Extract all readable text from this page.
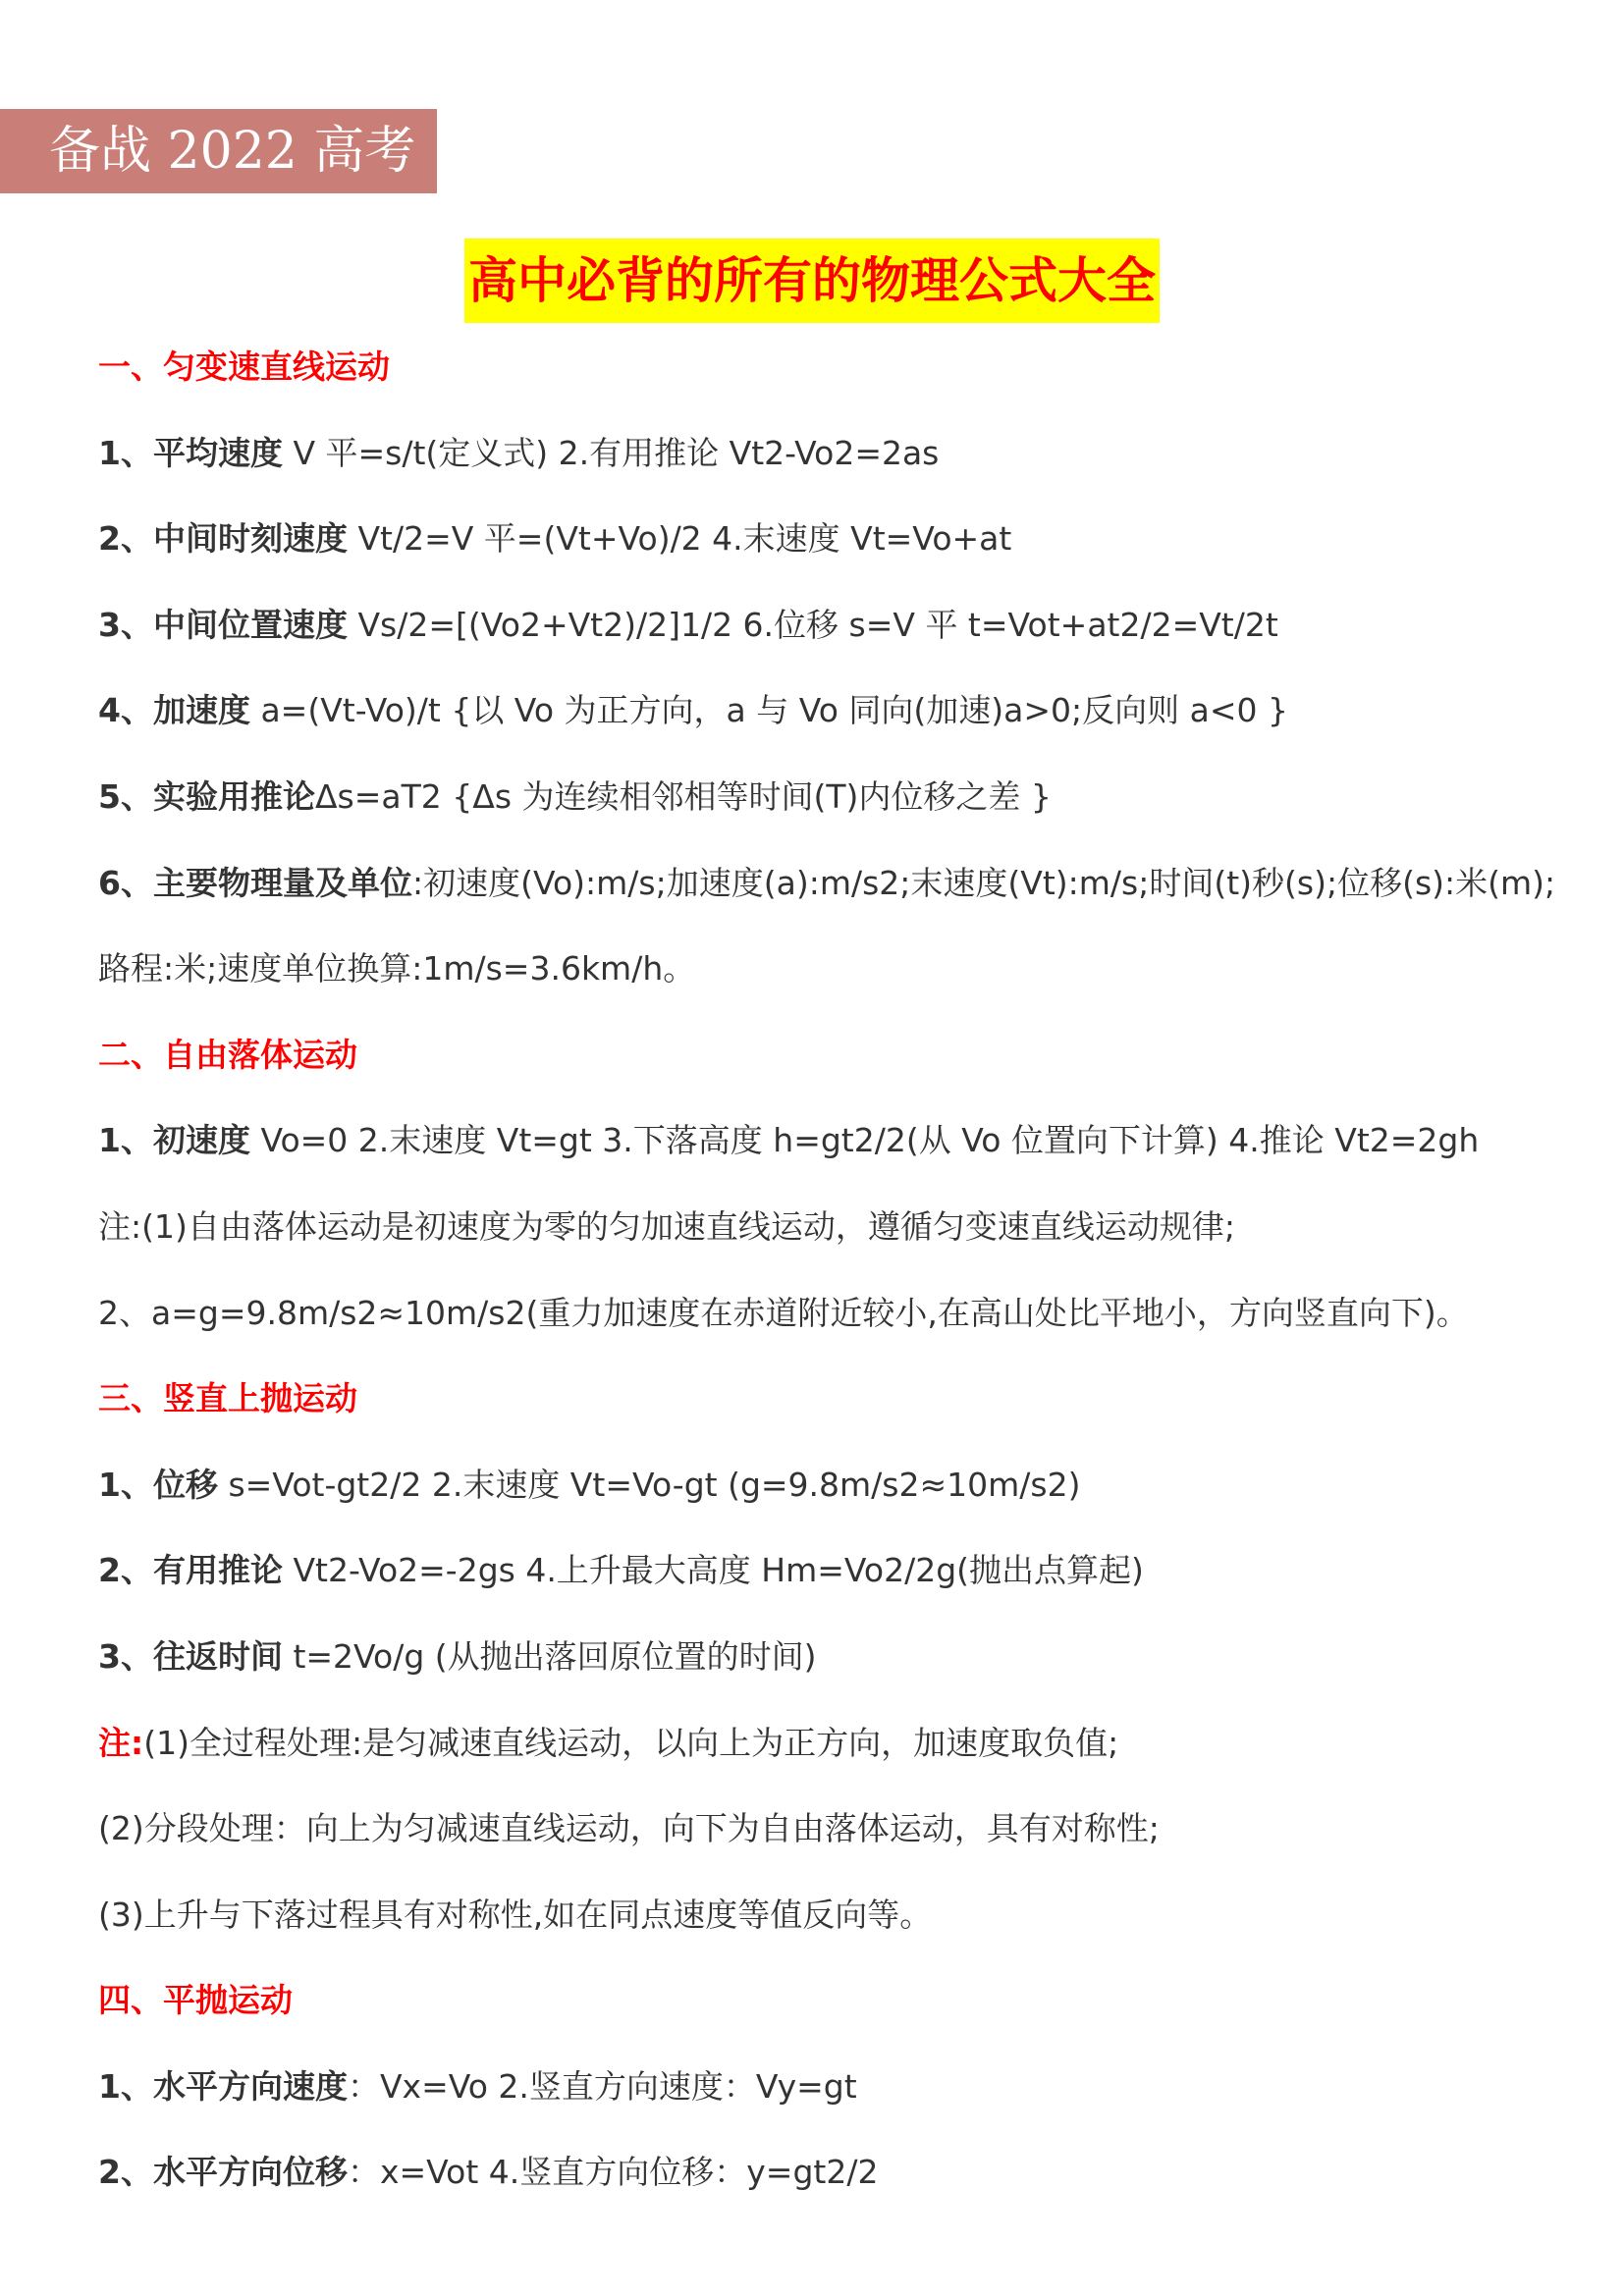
备战 2022 高考
高中必背的所有的物理公式大全
一、匀变速直线运动
1、平均速度 V 平=s/t(定义式) 2.有用推论 Vt2-Vo2=2as
2、中间时刻速度 Vt/2=V 平=(Vt+Vo)/2 4.末速度 Vt=Vo+at
3、中间位置速度 Vs/2=[(Vo2+Vt2)/2]1/2 6.位移 s=V 平 t=Vot+at2/2=Vt/2t
4、加速度 a=(Vt-Vo)/t {以 Vo 为正方向，a 与 Vo 同向(加速)a>0;反向则 a<0 }
5、实验用推论Δs=aT2 {Δs 为连续相邻相等时间(T)内位移之差 }
6、主要物理量及单位:初速度(Vo):m/s;加速度(a):m/s2;末速度(Vt):m/s;时间(t)秒(s);位移(s):米(m);
路程:米;速度单位换算:1m/s=3.6km/h。
二、自由落体运动
1、初速度 Vo=0 2.末速度 Vt=gt 3.下落高度 h=gt2/2(从 Vo 位置向下计算) 4.推论 Vt2=2gh
注:(1)自由落体运动是初速度为零的匀加速直线运动，遵循匀变速直线运动规律;
2、a=g=9.8m/s2≈10m/s2(重力加速度在赤道附近较小,在高山处比平地小，方向竖直向下)。
三、竖直上抛运动
1、位移 s=Vot-gt2/2 2.末速度 Vt=Vo-gt (g=9.8m/s2≈10m/s2)
2、有用推论 Vt2-Vo2=-2gs 4.上升最大高度 Hm=Vo2/2g(抛出点算起)
3、往返时间 t=2Vo/g (从抛出落回原位置的时间)
注:(1)全过程处理:是匀减速直线运动，以向上为正方向，加速度取负值;
(2)分段处理：向上为匀减速直线运动，向下为自由落体运动，具有对称性;
(3)上升与下落过程具有对称性,如在同点速度等值反向等。
四、平抛运动
1、水平方向速度：Vx=Vo 2.竖直方向速度：Vy=gt
2、水平方向位移：x=Vot 4.竖直方向位移：y=gt2/2
